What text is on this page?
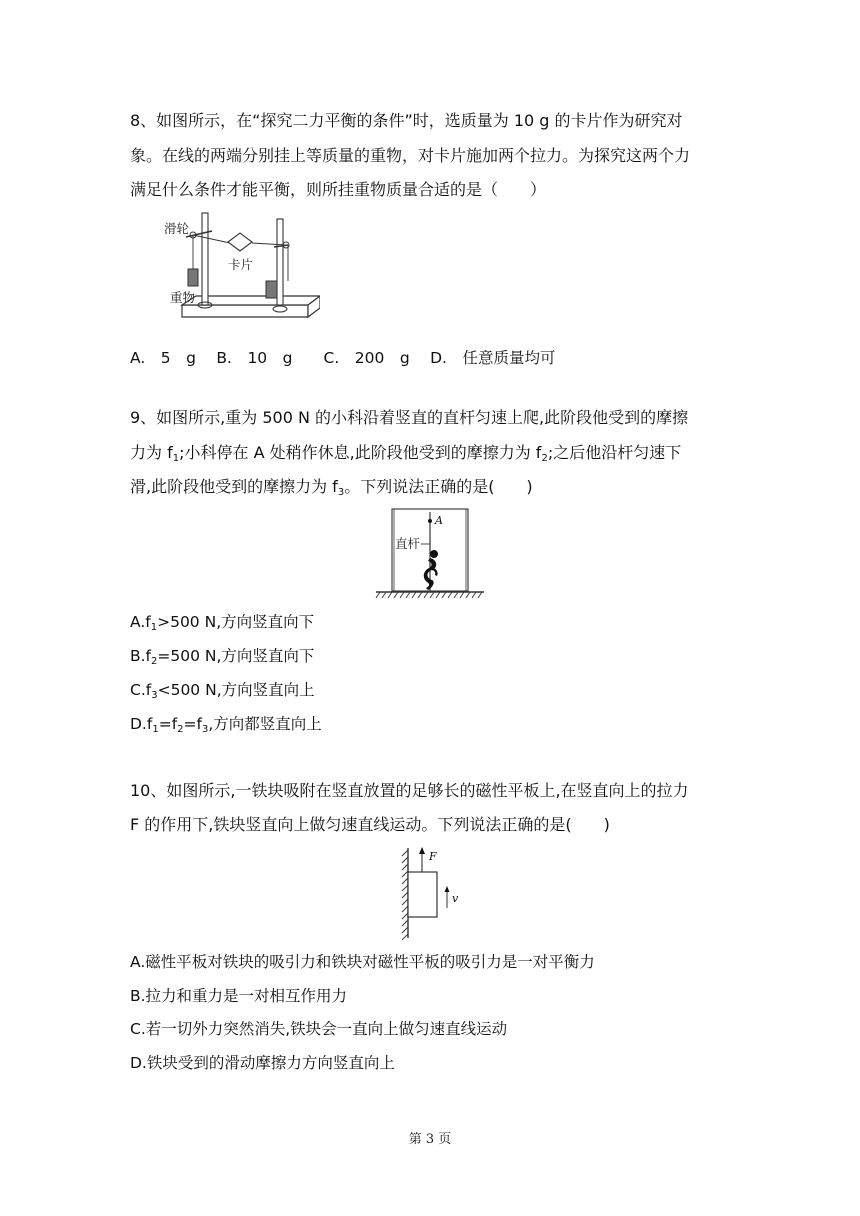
8、如图所示，在“探究二力平衡的条件”时，选质量为 10 g 的卡片作为研究对
象。在线的两端分别挂上等质量的重物，对卡片施加两个拉力。为探究这两个力
满足什么条件才能平衡，则所挂重物质量合适的是（　　）
滑轮
卡片
重物
A.　5　g　 B.　10　g　　C.　200　g　 D.　任意质量均可
9、如图所示,重为 500 N 的小科沿着竖直的直杆匀速上爬,此阶段他受到的摩擦
力为 $f_1$;小科停在 A 处稍作休息,此阶段他受到的摩擦力为 $f_2$;之后他沿杆匀速下
滑,此阶段他受到的摩擦力为 $f_3$。下列说法正确的是(　　)
A
直杆
$A.f_1>500$ N,方向竖直向下
$B.f_2=500$ N,方向竖直向下
$C.f_3<500$ N,方向竖直向上
$D.f_1=f_2=f_3$,方向都竖直向上
10、如图所示,一铁块吸附在竖直放置的足够长的磁性平板上,在竖直向上的拉力
F 的作用下,铁块竖直向上做匀速直线运动。下列说法正确的是(　　)
F
v
A.磁性平板对铁块的吸引力和铁块对磁性平板的吸引力是一对平衡力
B.拉力和重力是一对相互作用力
C.若一切外力突然消失,铁块会一直向上做匀速直线运动
D.铁块受到的滑动摩擦力方向竖直向上
第 3 页
